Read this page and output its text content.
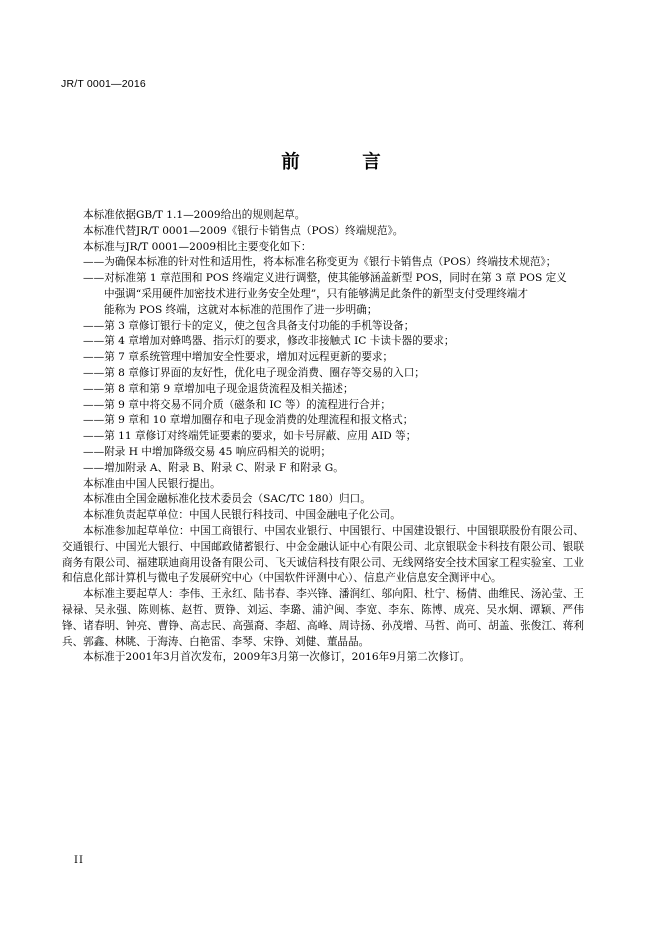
JR/T 0001—2016
前 言

本标准依据GB/T 1.1—2009给出的规则起草。

本标准代替JR/T 0001—2009《银行卡销售点（POS）终端规范》。

本标准与JR/T 0001—2009相比主要变化如下：

——为确保本标准的针对性和适用性，将本标准名称变更为《银行卡销售点（POS）终端技术规范》；

——对标准第 1 章范围和 POS 终端定义进行调整，使其能够涵盖新型 POS，同时在第 3 章 POS 定义

中强调“采用硬件加密技术进行业务安全处理”，只有能够满足此条件的新型支付受理终端才

能称为 POS 终端，这就对本标准的范围作了进一步明确；

——第 3 章修订银行卡的定义，使之包含具备支付功能的手机等设备；

——第 4 章增加对蜂鸣器、指示灯的要求，修改非接触式 IC 卡读卡器的要求；

——第 7 章系统管理中增加安全性要求，增加对远程更新的要求；

——第 8 章修订界面的友好性，优化电子现金消费、圈存等交易的入口；

——第 8 章和第 9 章增加电子现金退货流程及相关描述；

——第 9 章中将交易不同介质（磁条和 IC 等）的流程进行合并；

——第 9 章和 10 章增加圈存和电子现金消费的处理流程和报文格式；

——第 11 章修订对终端凭证要素的要求，如卡号屏蔽、应用 AID 等；

——附录 H 中增加降级交易 45 响应码相关的说明；

——增加附录 A、附录 B、附录 C、附录 F 和附录 G。

本标准由中国人民银行提出。

本标准由全国金融标准化技术委员会（SAC/TC 180）归口。

本标准负责起草单位：中国人民银行科技司、中国金融电子化公司。

本标准参加起草单位：中国工商银行、中国农业银行、中国银行、中国建设银行、中国银联股份有限公司、交通银行、中国光大银行、中国邮政储蓄银行、中金金融认证中心有限公司、北京银联金卡科技有限公司、银联商务有限公司、福建联迪商用设备有限公司、飞天诚信科技有限公司、无线网络安全技术国家工程实验室、工业和信息化部计算机与微电子发展研究中心（中国软件评测中心）、信息产业信息安全测评中心。

本标准主要起草人：李伟、王永红、陆书春、李兴锋、潘润红、邬向阳、杜宁、杨倩、曲维民、汤沁莹、王禄禄、吴永强、陈则栋、赵哲、贾铮、刘运、李璐、浦沪闽、李宽、李东、陈博、成亮、吴水炯、谭颖、严伟锋、诸春明、钟亮、曹铮、高志民、高强裔、李超、高峰、周诗扬、孙茂增、马哲、尚可、胡盖、张俊江、蒋利兵、郭鑫、林眺、于海涛、白艳雷、李琴、宋铮、刘健、董晶晶。

本标准于2001年3月首次发布，2009年3月第一次修订，2016年9月第二次修订。

II
